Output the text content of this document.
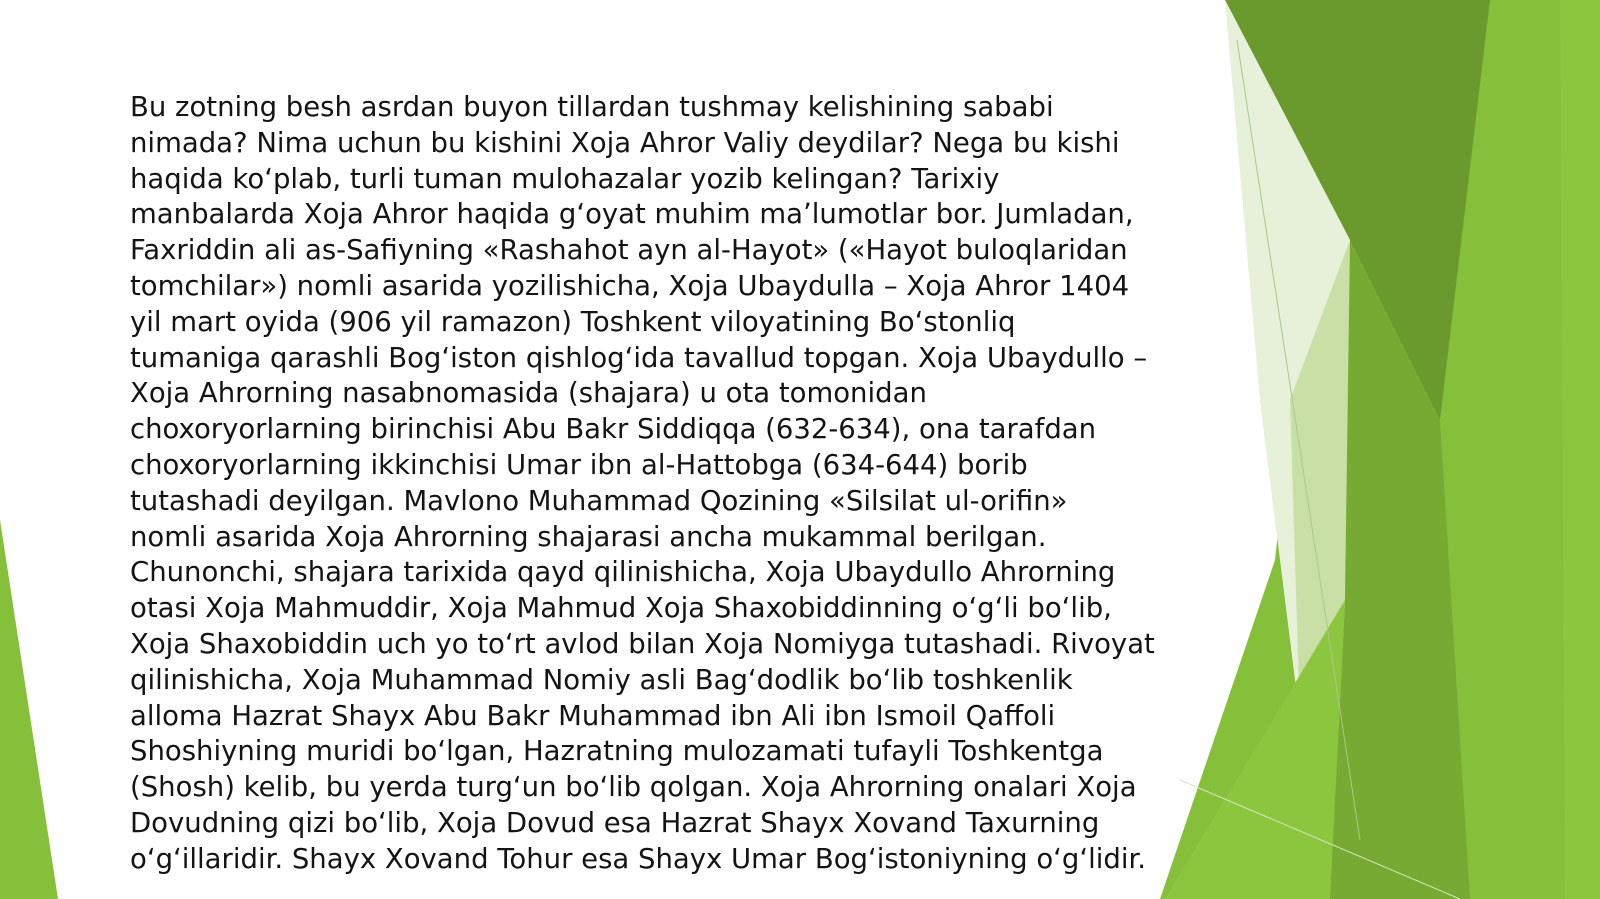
Bu zotning besh asrdan buyon tillardan tushmay kelishining sababi
nimada? Nima uchun bu kishini Xoja Ahror Valiy deydilar? Nega bu kishi
haqida koʻplab, turli tuman mulohazalar yozib kelingan? Tarixiy
manbalarda Xoja Ahror haqida gʻoyat muhim maʼlumotlar bor. Jumladan,
Faxriddin ali as-Safiyning «Rashahot ayn al-Hayot» («Hayot buloqlaridan
tomchilar») nomli asarida yozilishicha, Xoja Ubaydulla – Xoja Ahror 1404
yil mart oyida (906 yil ramazon) Toshkent viloyatining Boʻstonliq
tumaniga qarashli Bogʻiston qishlogʻida tavallud topgan. Xoja Ubaydullo –
Xoja Ahrorning nasabnomasida (shajara) u ota tomonidan
choxoryorlarning birinchisi Abu Bakr Siddiqqa (632-634), ona tarafdan
choxoryorlarning ikkinchisi Umar ibn al-Hattobga (634-644) borib
tutashadi deyilgan. Mavlono Muhammad Qozining «Silsilat ul-orifin»
nomli asarida Xoja Ahrorning shajarasi ancha mukammal berilgan.
Chunonchi, shajara tarixida qayd qilinishicha, Xoja Ubaydullo Ahrorning
otasi Xoja Mahmuddir, Xoja Mahmud Xoja Shaxobiddinning oʻgʻli boʻlib,
Xoja Shaxobiddin uch yo toʻrt avlod bilan Xoja Nomiyga tutashadi. Rivoyat
qilinishicha, Xoja Muhammad Nomiy asli Bagʻdodlik boʻlib toshkenlik
alloma Hazrat Shayx Abu Bakr Muhammad ibn Ali ibn Ismoil Qaffoli
Shoshiyning muridi boʻlgan, Hazratning mulozamati tufayli Toshkentga
(Shosh) kelib, bu yerda turgʻun boʻlib qolgan. Xoja Ahrorning onalari Xoja
Dovudning qizi boʻlib, Xoja Dovud esa Hazrat Shayx Xovand Taxurning
oʻgʻillaridir. Shayx Xovand Tohur esa Shayx Umar Bogʻistoniyning oʻgʻlidir.
